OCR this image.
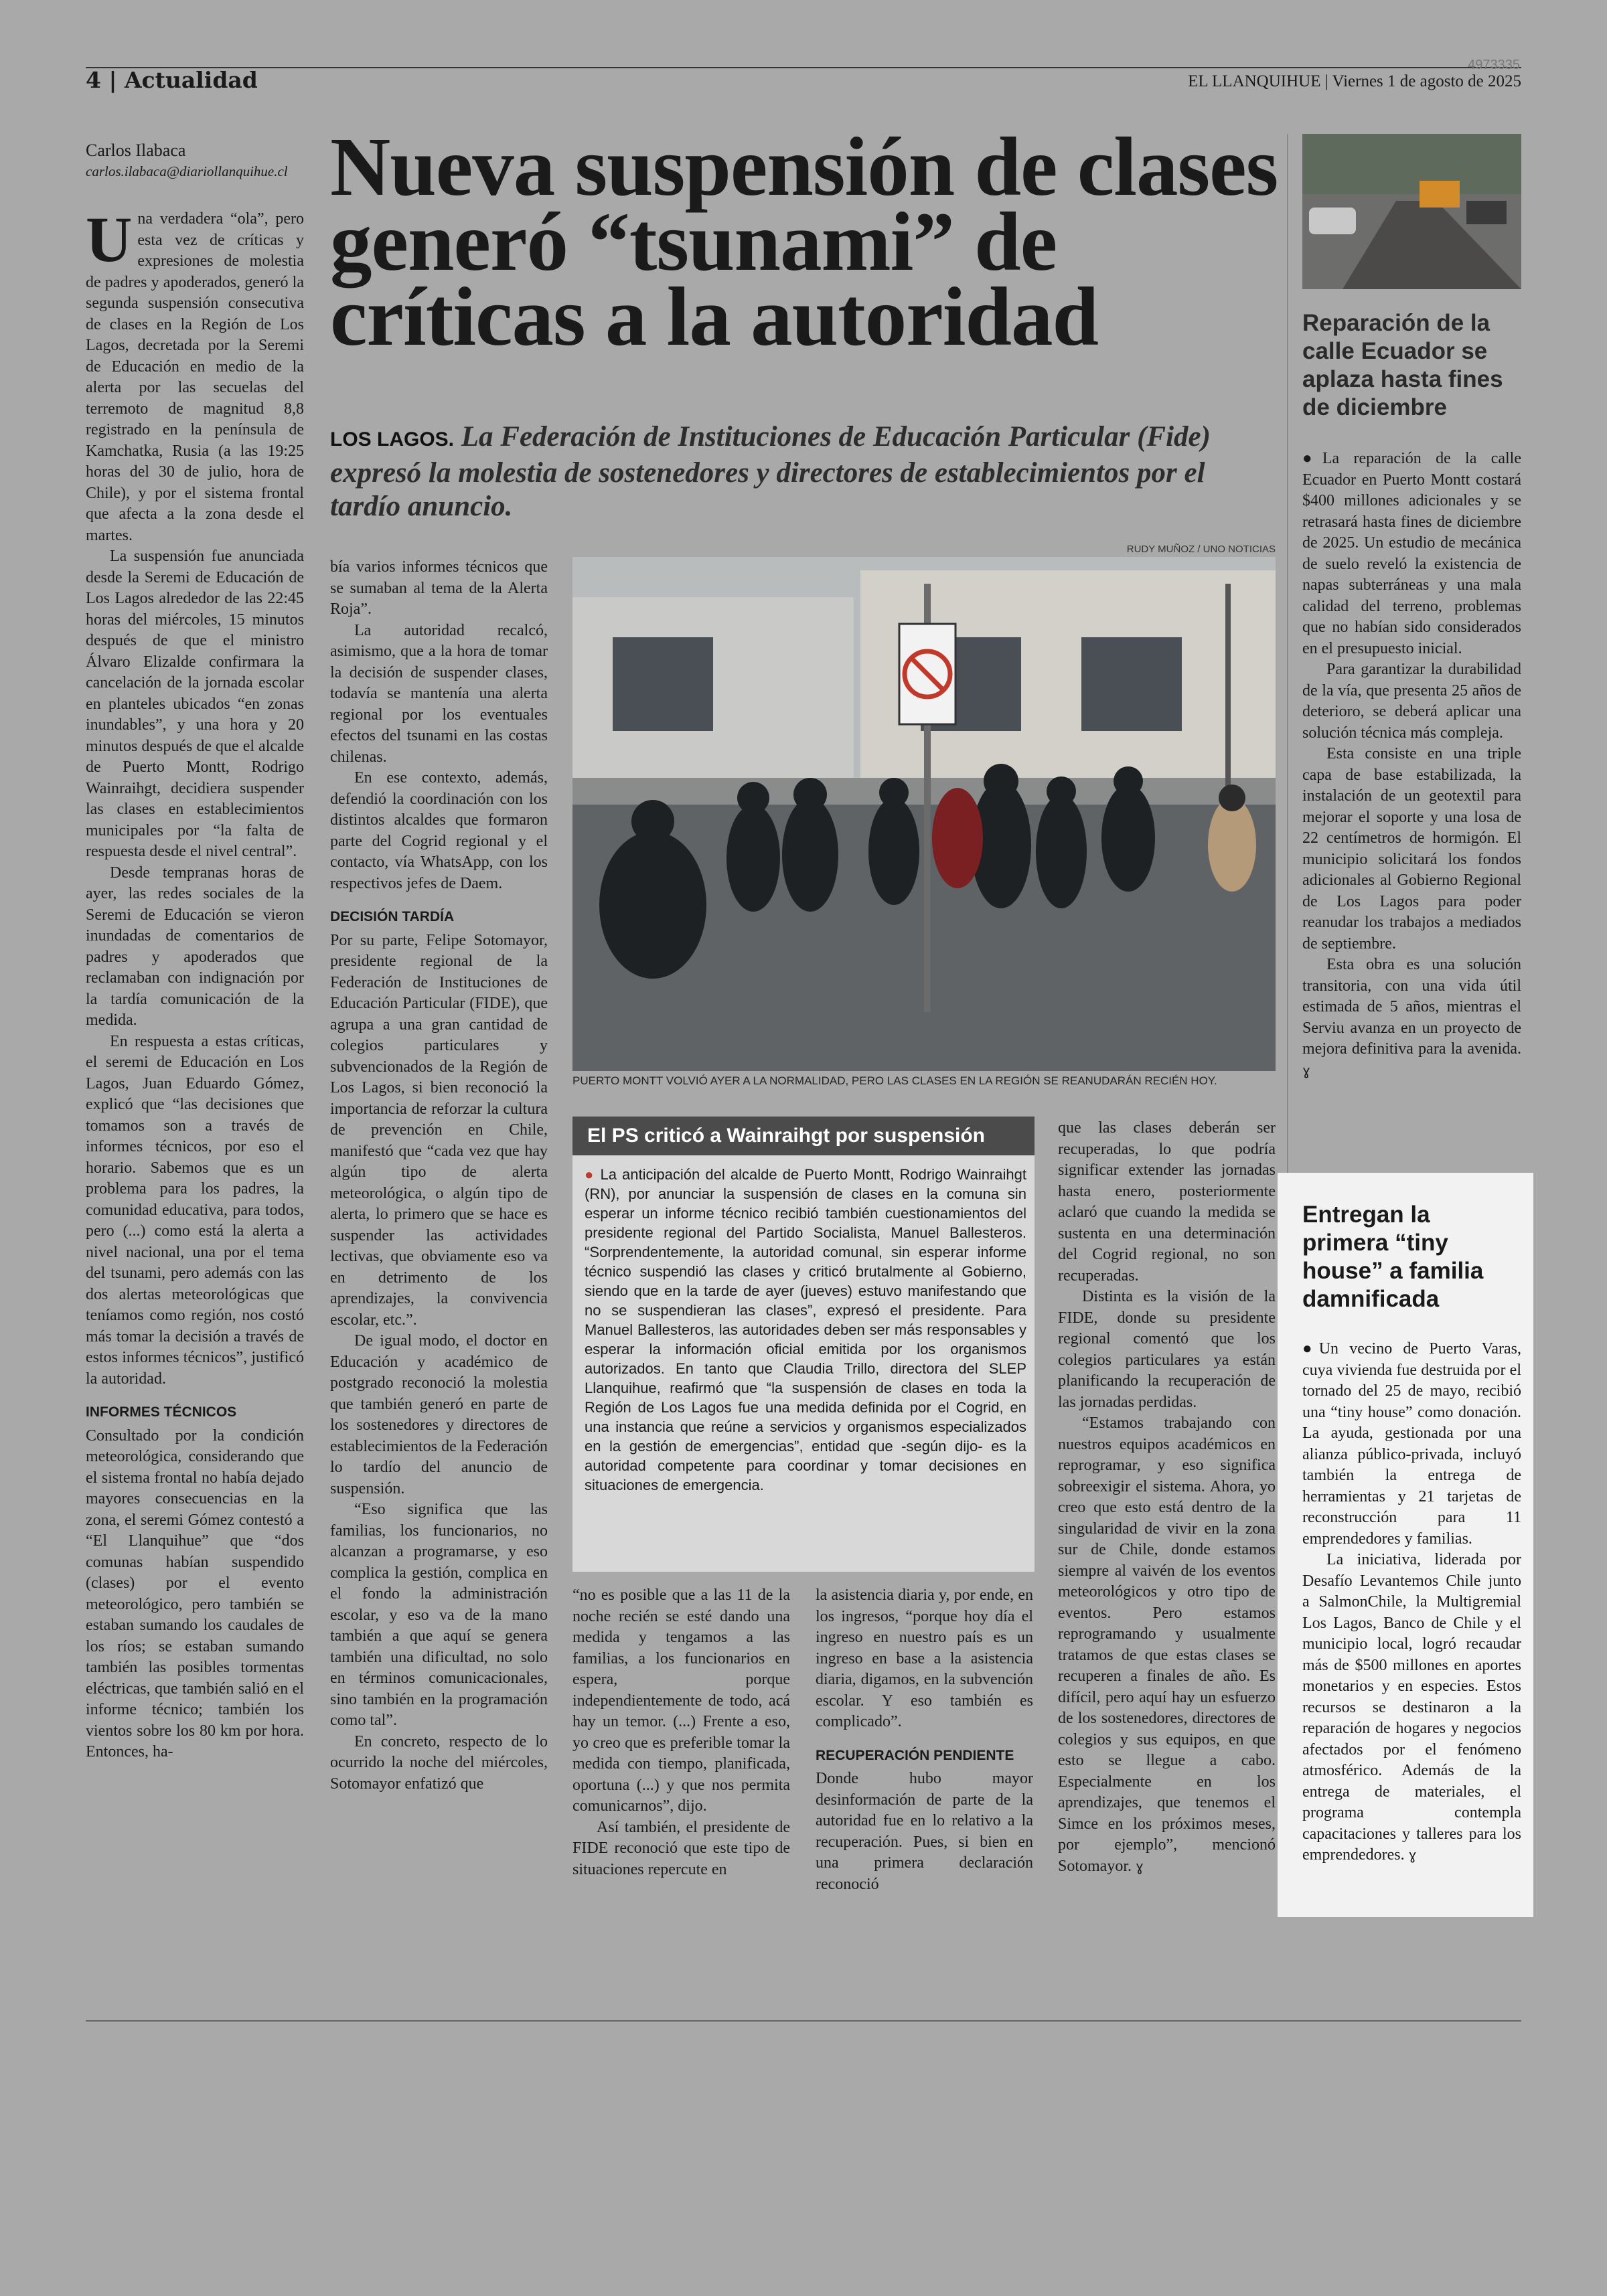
4 | Actualidad
4973335
EL LLANQUIHUE | Viernes 1 de agosto de 2025
Carlos Ilabaca
carlos.ilabaca@diariollanquihue.cl Nueva suspensión de clases generó “tsunami” de críticas a la autoridad
LOS LAGOS. La Federación de Instituciones de Educación Particular (Fide) expresó la molestia de sostenedores y directores de establecimientos por el tardío anuncio.

Una verdadera “ola”, pero esta vez de críticas y expresiones de molestia de padres y apoderados, generó la segunda suspensión consecutiva de clases en la Región de Los Lagos, decretada por la Seremi de Educación en medio de la alerta por las secuelas del terremoto de magnitud 8,8 registrado en la península de Kamchatka, Rusia (a las 19:25 horas del 30 de julio, hora de Chile), y por el sistema frontal que afecta a la zona desde el martes.

La suspensión fue anunciada desde la Seremi de Educación de Los Lagos alrededor de las 22:45 horas del miércoles, 15 minutos después de que el ministro Álvaro Elizalde confirmara la cancelación de la jornada escolar en planteles ubicados “en zonas inundables”, y una hora y 20 minutos después de que el alcalde de Puerto Montt, Rodrigo Wainraihgt, decidiera suspender las clases en establecimientos municipales por “la falta de respuesta desde el nivel central”.

Desde tempranas horas de ayer, las redes sociales de la Seremi de Educación se vieron inundadas de comentarios de padres y apoderados que reclamaban con indignación por la tardía comunicación de la medida.

En respuesta a estas críticas, el seremi de Educación en Los Lagos, Juan Eduardo Gómez, explicó que “las decisiones que tomamos son a través de informes técnicos, por eso el horario. Sabemos que es un problema para los padres, la comunidad educativa, para todos, pero (...) como está la alerta a nivel nacional, una por el tema del tsunami, pero además con las dos alertas meteorológicas que teníamos como región, nos costó más tomar la decisión a través de estos informes técnicos”, justificó la autoridad.

INFORMES TÉCNICOS

Consultado por la condición meteorológica, considerando que el sistema frontal no había dejado mayores consecuencias en la zona, el seremi Gómez contestó a “El Llanquihue” que “dos comunas habían suspendido (clases) por el evento meteorológico, pero también se estaban sumando los caudales de los ríos; se estaban sumando también las posibles tormentas eléctricas, que también salió en el informe técnico; también los vientos sobre los 80 km por hora. Entonces, ha-

bía varios informes técnicos que se sumaban al tema de la Alerta Roja”.

La autoridad recalcó, asimismo, que a la hora de tomar la decisión de suspender clases, todavía se mantenía una alerta regional por los eventuales efectos del tsunami en las costas chilenas.

En ese contexto, además, defendió la coordinación con los distintos alcaldes que formaron parte del Cogrid regional y el contacto, vía WhatsApp, con los respectivos jefes de Daem.

DECISIÓN TARDÍA

Por su parte, Felipe Sotomayor, presidente regional de la Federación de Instituciones de Educación Particular (FIDE), que agrupa a una gran cantidad de colegios particulares y subvencionados de la Región de Los Lagos, si bien reconoció la importancia de reforzar la cultura de prevención en Chile, manifestó que “cada vez que hay algún tipo de alerta meteorológica, o algún tipo de alerta, lo primero que se hace es suspender las actividades lectivas, que obviamente eso va en detrimento de los aprendizajes, la convivencia escolar, etc.”.

De igual modo, el doctor en Educación y académico de postgrado reconoció la molestia que también generó en parte de los sostenedores y directores de establecimientos de la Federación lo tardío del anuncio de suspensión.

“Eso significa que las familias, los funcionarios, no alcanzan a programarse, y eso complica la gestión, complica en el fondo la administración escolar, y eso va de la mano también a que aquí se genera también una dificultad, no solo en términos comunicacionales, sino también en la programación como tal”.

En concreto, respecto de lo ocurrido la noche del miércoles, Sotomayor enfatizó que

RUDY MUÑOZ / UNO NOTICIAS
PUERTO MONTT VOLVIÓ AYER A LA NORMALIDAD, PERO LAS CLASES EN LA REGIÓN SE REANUDARÁN RECIÉN HOY.
El PS criticó a Wainraihgt por suspensión
● La anticipación del alcalde de Puerto Montt, Rodrigo Wainraihgt (RN), por anunciar la suspensión de clases en la comuna sin esperar un informe técnico recibió también cuestionamientos del presidente regional del Partido Socialista, Manuel Ballesteros. “Sorprendentemente, la autoridad comunal, sin esperar informe técnico suspendió las clases y criticó brutalmente al Gobierno, siendo que en la tarde de ayer (jueves) estuvo manifestando que no se suspendieran las clases”, expresó el presidente. Para Manuel Ballesteros, las autoridades deben ser más responsables y esperar la información oficial emitida por los organismos autorizados. En tanto que Claudia Trillo, directora del SLEP Llanquihue, reafirmó que “la suspensión de clases en toda la Región de Los Lagos fue una medida definida por el Cogrid, en una instancia que reúne a servicios y organismos especializados en la gestión de emergencias”, entidad que -según dijo- es la autoridad competente para coordinar y tomar decisiones en situaciones de emergencia.

“no es posible que a las 11 de la noche recién se esté dando una medida y tengamos a las familias, a los funcionarios en espera, porque independientemente de todo, acá hay un temor. (...) Frente a eso, yo creo que es preferible tomar la medida con tiempo, planificada, oportuna (...) y que nos permita comunicarnos”, dijo.

Así también, el presidente de FIDE reconoció que este tipo de situaciones repercute en

la asistencia diaria y, por ende, en los ingresos, “porque hoy día el ingreso en nuestro país es un ingreso en base a la asistencia diaria, digamos, en la subvención escolar. Y eso también es complicado”.

RECUPERACIÓN PENDIENTE

Donde hubo mayor desinformación de parte de la autoridad fue en lo relativo a la recuperación. Pues, si bien en una primera declaración reconoció

que las clases deberán ser recuperadas, lo que podría significar extender las jornadas hasta enero, posteriormente aclaró que cuando la medida se sustenta en una determinación del Cogrid regional, no son recuperadas.

Distinta es la visión de la FIDE, donde su presidente regional comentó que los colegios particulares ya están planificando la recuperación de las jornadas perdidas.

“Estamos trabajando con nuestros equipos académicos en reprogramar, y eso significa sobreexigir el sistema. Ahora, yo creo que esto está dentro de la singularidad de vivir en la zona sur de Chile, donde estamos siempre al vaivén de los eventos meteorológicos y otro tipo de eventos. Pero estamos reprogramando y usualmente tratamos de que estas clases se recuperen a finales de año. Es difícil, pero aquí hay un esfuerzo de los sostenedores, directores de colegios y sus equipos, en que esto se llegue a cabo. Especialmente en los aprendizajes, que tenemos el Simce en los próximos meses, por ejemplo”, mencionó Sotomayor. ɣ

Reparación de la calle Ecuador se aplaza hasta fines de diciembre

●La reparación de la calle Ecuador en Puerto Montt costará $400 millones adicionales y se retrasará hasta fines de diciembre de 2025. Un estudio de mecánica de suelo reveló la existencia de napas subterráneas y una mala calidad del terreno, problemas que no habían sido considerados en el presupuesto inicial.

Para garantizar la durabilidad de la vía, que presenta 25 años de deterioro, se deberá aplicar una solución técnica más compleja.

Esta consiste en una triple capa de base estabilizada, la instalación de un geotextil para mejorar el soporte y una losa de 22 centímetros de hormigón. El municipio solicitará los fondos adicionales al Gobierno Regional de Los Lagos para poder reanudar los trabajos a mediados de septiembre.

Esta obra es una solución transitoria, con una vida útil estimada de 5 años, mientras el Serviu avanza en un proyecto de mejora definitiva para la avenida. ɣ

Entregan la primera “tiny house” a familia damnificada

●Un vecino de Puerto Varas, cuya vivienda fue destruida por el tornado del 25 de mayo, recibió una “tiny house” como donación. La ayuda, gestionada por una alianza público-privada, incluyó también la entrega de herramientas y 21 tarjetas de reconstrucción para 11 emprendedores y familias.

La iniciativa, liderada por Desafío Levantemos Chile junto a SalmonChile, la Multigremial Los Lagos, Banco de Chile y el municipio local, logró recaudar más de $500 millones en aportes monetarios y en especies. Estos recursos se destinaron a la reparación de hogares y negocios afectados por el fenómeno atmosférico. Además de la entrega de materiales, el programa contempla capacitaciones y talleres para los emprendedores. ɣ
